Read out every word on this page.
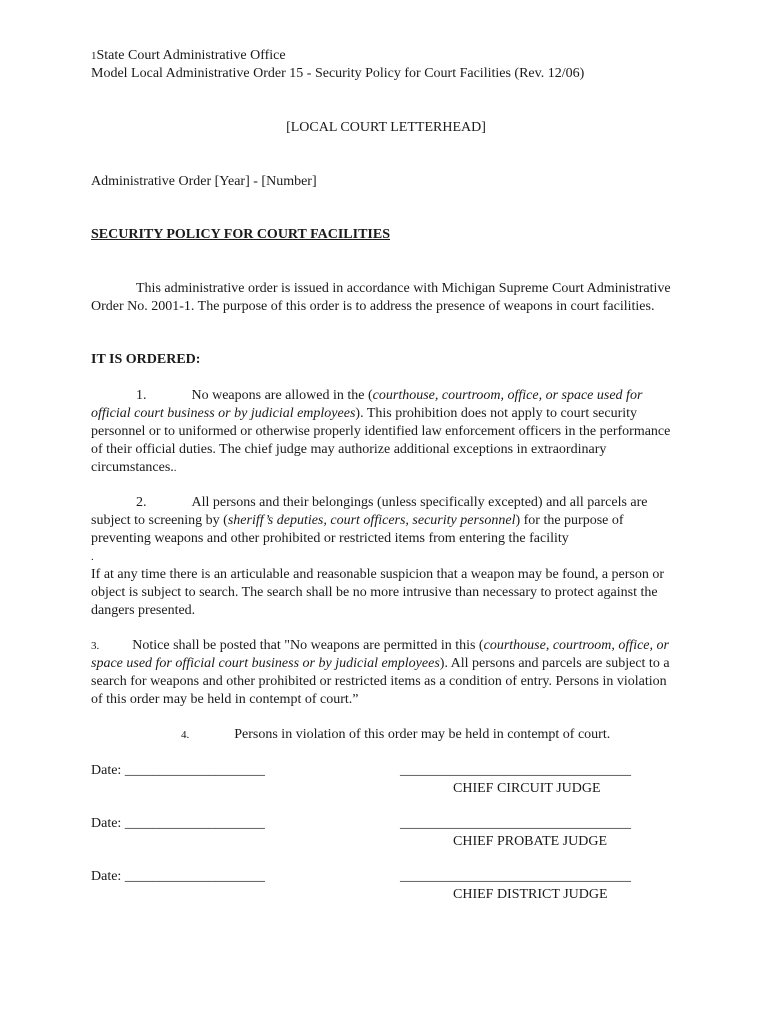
1State Court Administrative Office
Model Local Administrative Order 15 - Security Policy for Court Facilities (Rev. 12/06)
[LOCAL COURT LETTERHEAD]
Administrative Order [Year] - [Number]
SECURITY POLICY FOR COURT FACILITIES

This administrative order is issued in accordance with Michigan Supreme Court Administrative Order No. 2001-1. The purpose of this order is to address the presence of weapons in court facilities.

IT IS ORDERED:

1.	No weapons are allowed in the (courthouse, courtroom, office, or space used for official court business or by judicial employees). This prohibition does not apply to court security personnel or to uniformed or otherwise properly identified law enforcement officers in the performance of their official duties. The chief judge may authorize additional exceptions in extraordinary circumstances..

2.	All persons and their belongings (unless specifically excepted) and all parcels are subject to screening by (sheriff’s deputies, court officers, security personnel) for the purpose of preventing weapons and other prohibited or restricted items from entering the facility

.

If at any time there is an articulable and reasonable suspicion that a weapon may be found, a person or object is subject to search. The search shall be no more intrusive than necessary to protect against the dangers presented.

3. Notice shall be posted that "No weapons are permitted in this (courthouse, courtroom, office, or space used for official court business or by judicial employees). All persons and parcels are subject to a search for weapons and other prohibited or restricted items as a condition of entry. Persons in violation of this order may be held in contempt of court.”

4.	Persons in violation of this order may be held in contempt of court.

Date: ____________________	_________________________________
CHIEF CIRCUIT JUDGE
Date: ____________________	_________________________________
CHIEF PROBATE JUDGE
Date: ____________________	_________________________________
CHIEF DISTRICT JUDGE
